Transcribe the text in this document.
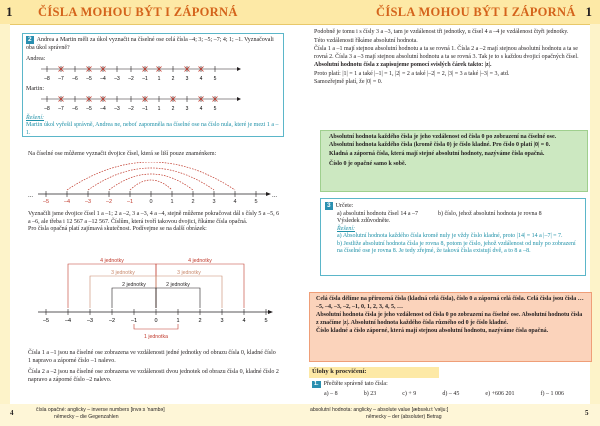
1 ČÍSLA MOHOU BÝT I ZÁPORNÁ	ČÍSLA MOHOU BÝT I ZÁPORNÁ 1
2 Andrea a Martin měli za úkol vyznačit na číselné ose celá čísla –4; 3; –5; –7; 4; 1; –1. Vyznačovali oba úkol správně?
Andrea:
–8 –7 –6 –5 –4 –3 –2 –1 1 2 3 4 5
Martin:
–8 –7 –6 –5 –4 –3 –2 –1 1 2 3 4 5
Řešení:
Martin úkol vyřešil správně, Andrea ne, neboť zapomněla na číselné ose na číslo nula, které je mezi 1 a –1.
Na číselné ose můžeme vyznačit dvojice čísel, která se liší pouze znaménkem:
–5	–4	–3	–2	–1	0	1	2	3	4	5
...	...

Vyznačili jsme dvojice čísel 1 a –1; 2 a –2, 3 a –3, 4 a –4, stejně můžeme pokračovat dál s čísly 5 a –5, 6 a –6, ale třeba i 12 567 a –12 567. Číslům, která tvoří takovou dvojici, říkáme čísla opačná.

Pro čísla opačná platí zajímavá skutečnost. Podívejme se na další obrázek:

4 jednotky	4 jednotky
3 jednotky	3 jednotky
2 jednotky	2 jednotky
1 jednotka
–5	–4	–3	–2	–1	0	1	2	3	4	5

Čísla 1 a –1 jsou na číselné ose zobrazena ve vzdálenosti jedné jednotky od obrazu čísla 0, kladné číslo 1 napravo a záporné číslo –1 nalevo.

Čísla 2 a –2 jsou na číselné ose zobrazena ve vzdálenosti dvou jednotek od obrazu čísla 0, kladné číslo 2 napravo a záporné číslo –2 nalevo.

4	čísla opačné: anglicky – inverse numbers [invəːs 'nambə]
německy – die Gegenzahlen

Podobně je tomu i s čísly 3 a –3, tam je vzdálenost tři jednotky, u čísel 4 a –4 je vzdálenost čtyři jednotky.

Této vzdálenosti říkáme absolutní hodnota.

Čísla 1 a –1 mají stejnou absolutní hodnotu a ta se rovná 1. Čísla 2 a –2 mají stejnou absolutní hodnotu a ta se rovná 2. Čísla 3 a –3 mají stejnou absolutní hodnotu a ta se rovná 3. Tak je to s každou dvojicí opačných čísel.

Absolutní hodnotu čísla z zapisujeme pomocí svislých čárek takto: |z|.

Proto platí: |1| = 1 a také |–1| = 1, |2| = 2 a také |–2| = 2, |3| = 3 a také |–3| = 3, atd.

Samozřejmě platí, že |0| = 0.

Absolutní hodnota každého čísla je jeho vzdálenost od čísla 0 po zobrazení na číselné ose. Absolutní hodnota každého čísla (kromě čísla 0) je číslo kladné. Pro číslo 0 platí |0| = 0.

Kladná a záporná čísla, která mají stejné absolutní hodnoty, nazýváme čísla opačná.

Číslo 0 je opačné samo k sobě.

3 Určete:
a) absolutní hodnotu čísel 14 a –7	b) číslo, jehož absolutní hodnota je rovna 8
Výsledek zdůvodněte.
Řešení:
a) Absolutní hodnota každého čísla kromě nuly je vždy číslo kladné, proto |14| = 14 a |–7| = 7.
b) Jestliže absolutní hodnota čísla je rovna 8, potom je číslo, jehož vzdálenost od nuly po zobrazení na číselné ose je rovna 8. Je tedy zřejmé, že taková čísla existují dvě, a to 8 a –8.

Celá čísla dělíme na přirozená čísla (kladná celá čísla), číslo 0 a záporná celá čísla. Celá čísla jsou čísla … –5, –4, –3, –2, –1, 0, 1, 2, 3, 4, 5, …

Absolutní hodnota čísla je jeho vzdálenost od čísla 0 po zobrazení na číselné ose. Absolutní hodnotu čísla z značíme |z|. Absolutní hodnota každého čísla různého od 0 je číslo kladné.

Číslo kladné a číslo záporné, která mají stejnou absolutní hodnotu, nazýváme čísla opačná.

Úlohy k procvičení:
1. Přečtěte správně tato čísla:
a) – 8	b) 23	c) + 9	d) – 45	e) +606 201	f) – 1 006
absolutní hodnota: anglicky – absolute value [æbsəluːt 'vəljuː]
německy – der (absoluter) Betrag	5
